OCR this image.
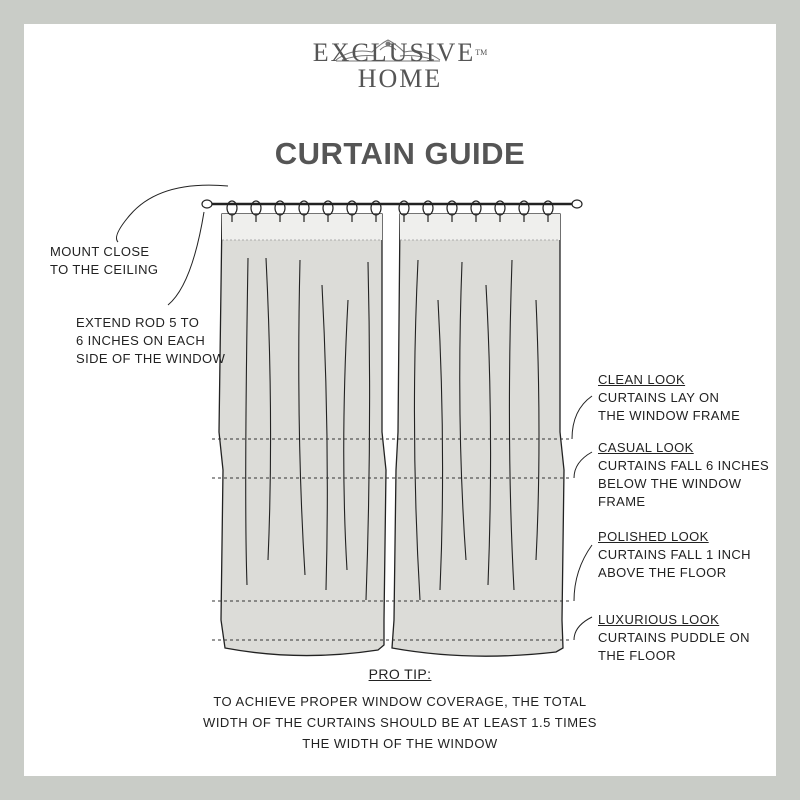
EXCLUSIVE™
HOME
CURTAIN GUIDE
MOUNT CLOSE
TO THE CEILING
EXTEND ROD 5 TO
6 INCHES ON EACH
SIDE OF THE WINDOW
CLEAN LOOK
CURTAINS LAY ON
THE WINDOW FRAME
CASUAL LOOK
CURTAINS FALL 6 INCHES
BELOW THE WINDOW
FRAME
POLISHED LOOK
CURTAINS FALL 1 INCH
ABOVE THE FLOOR
LUXURIOUS LOOK
CURTAINS PUDDLE ON
THE FLOOR
PRO TIP:
TO ACHIEVE PROPER WINDOW COVERAGE, THE TOTAL
WIDTH OF THE CURTAINS SHOULD BE AT LEAST 1.5 TIMES
THE WIDTH OF THE WINDOW
